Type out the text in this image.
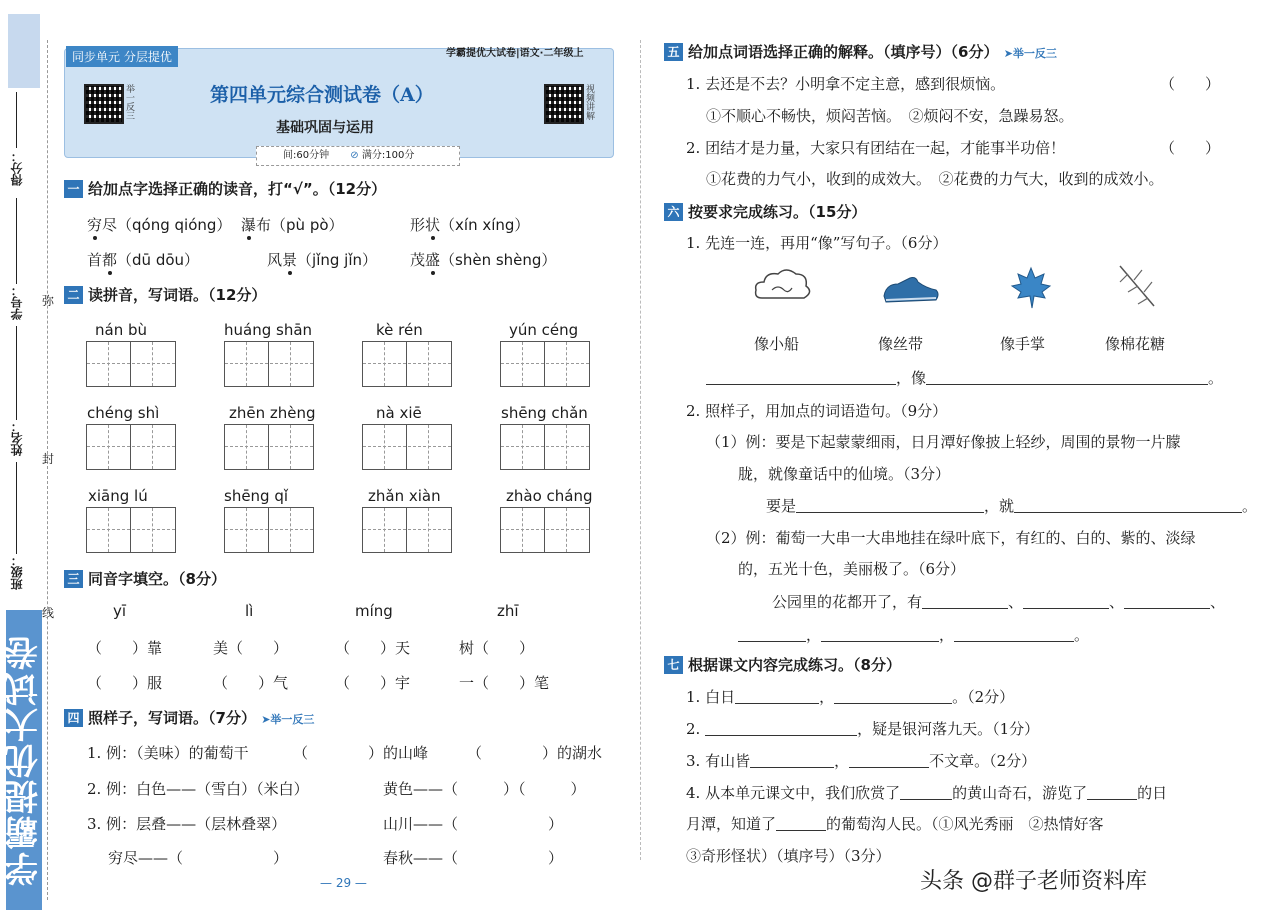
得分：
学号：
姓名：
班级：
学霸提优大试卷
弥
封
线
同步单元 分层提优	学霸提优大试卷|语文·二年级上
举一反三	视频讲解
第四单元综合测试卷（A）
基础巩固与运用
间:60分钟 ⊘ 满分:100分
一 给加点字选择正确的读音，打“√”。（12分）
穷尽（qóng qióng） 瀑布（pù pò）	形状（xín xíng）
首都（dū dōu）	风景（jǐng jǐn） 茂盛（shèn shèng）
二 读拼音，写词语。（12分）
nán bù	huáng shān	kè rén	yún céng
chéng shì	zhēn zhèng	nà xiē	shēng chǎn
xiāng lú	shēng qǐ	zhǎn xiàn	zhào cháng
三 同音字填空。（8分）
yī	lì	míng	zhī
（　　）靠	美（　　）	（　　）天	树（　　）
（　　）服	（　　）气	（　　）宇	一（　　）笔
四 照样子，写词语。（7分） ➤举一反三
1. 例：（美味）的葡萄干	（　　　　）的山峰	（　　　　）的湖水
2. 例：白色——（雪白）（米白）	黄色——（　　　）（　　　）
3. 例：层叠——（层林叠翠）	山川——（　　　　　　）
穷尽——（　　　　　　）	春秋——（　　　　　　）
— 29 —
五 给加点词语选择正确的解释。（填序号）（6分） ➤举一反三
1. 去还是不去？小明拿不定主意，感到很烦恼。	（　　）
①不顺心不畅快，烦闷苦恼。　②烦闷不安，急躁易怒。
2. 团结才是力量，大家只有团结在一起，才能事半功倍！	（　　）
①花费的力气小，收到的成效大。　②花费的力气大，收到的成效小。
六 按要求完成练习。（15分）
1. 先连一连，再用“像”写句子。（6分）
像小船	像丝带	像手掌	像棉花糖
，像	。
2. 照样子，用加点的词语造句。（9分）
（1）例：要是下起蒙蒙细雨，日月潭好像披上轻纱，周围的景物一片朦
胧，就像童话中的仙境。（3分）
要是	，就	。
（2）例：葡萄一大串一大串地挂在绿叶底下，有红的、白的、紫的、淡绿
的，五光十色，美丽极了。（6分）
公园里的花都开了，有	、	、	、
，	，	。
七 根据课文内容完成练习。（8分）
1. 白日	，	。（2分）
2.	，疑是银河落九天。（1分）
3. 有山皆	，	不文章。（2分）
4. 从本单元课文中，我们欣赏了	的黄山奇石，游览了	的日
月潭，知道了	的葡萄沟人民。（①风光秀丽　②热情好客
③奇形怪状）（填序号）（3分）
头条 @群子老师资料库
